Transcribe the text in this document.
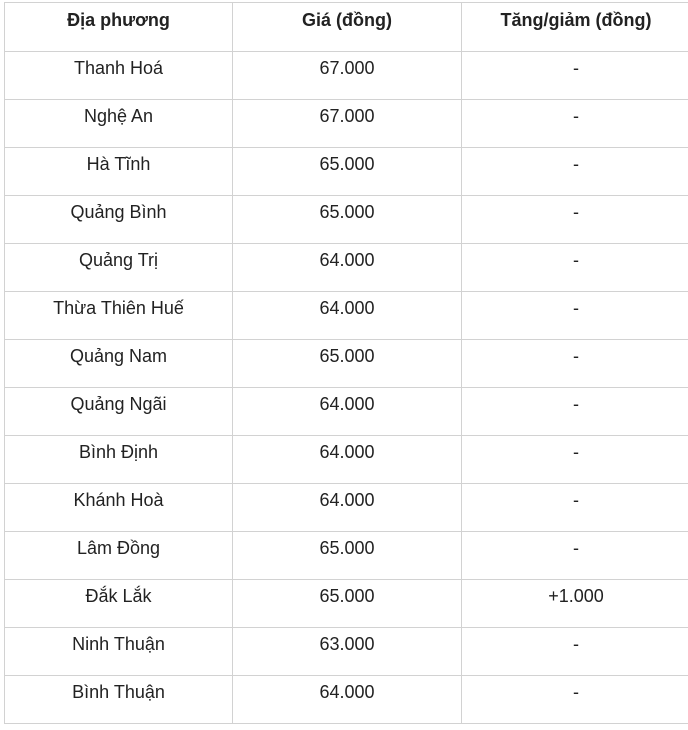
Địa phương	Giá (đồng)	Tăng/giảm (đồng)
Thanh Hoá	67.000	-
Nghệ An	67.000	-
Hà Tĩnh	65.000	-
Quảng Bình	65.000	-
Quảng Trị	64.000	-
Thừa Thiên Huế	64.000	-
Quảng Nam	65.000	-
Quảng Ngãi	64.000	-
Bình Định	64.000	-
Khánh Hoà	64.000	-
Lâm Đồng	65.000	-
Đắk Lắk	65.000	+1.000
Ninh Thuận	63.000	-
Bình Thuận	64.000	-
